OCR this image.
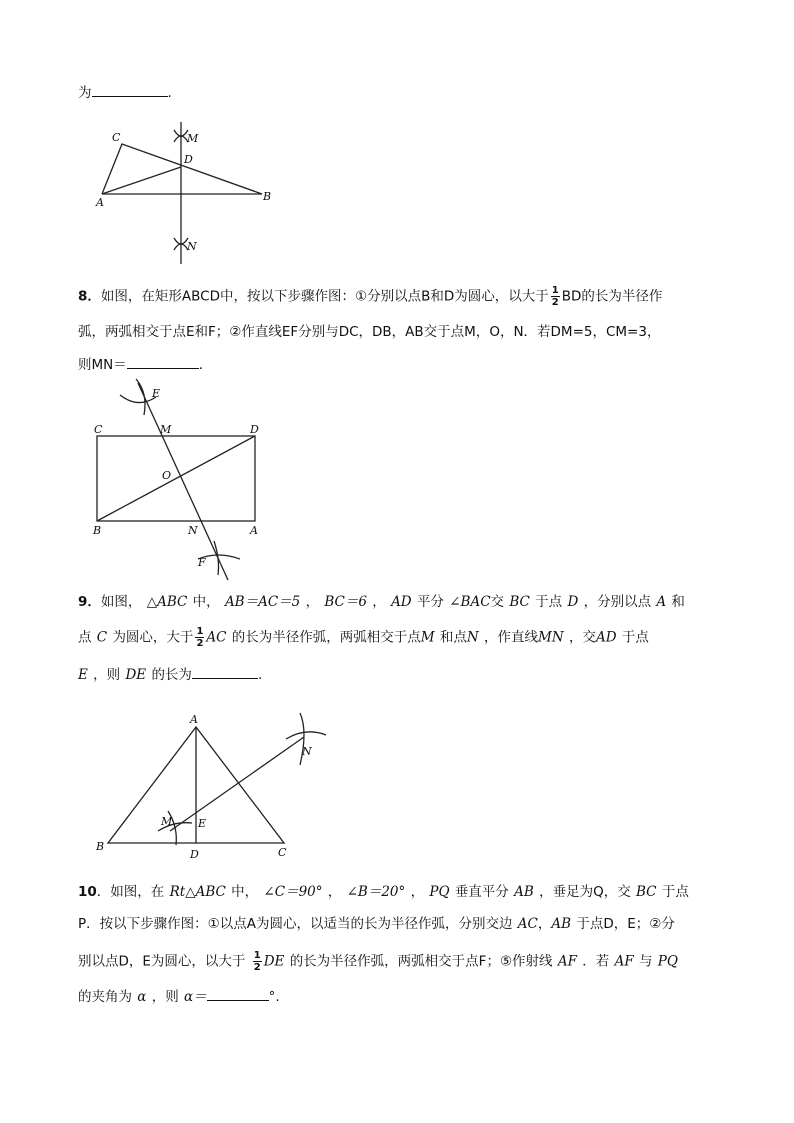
为	.
C	M
D
A	B
N
8．如图，在矩形ABCD中，按以下步骤作图：①分别以点B和D为圆心，以大于 $\frac{1}{2}$ BD的长为半径作
弧，两弧相交于点E和F；②作直线EF分别与DC，DB，AB交于点M，O，N．若DM=5，CM=3，
则MN＝	．
E
C	M	D
O
B	N	A
F
9．如图， △ABC 中， AB＝AC＝5 ， BC＝6 ， AD 平分 ∠BAC交 BC 于点 D ，分别以点 A 和
点 C 为圆心，大于 $\frac{1}{2}$ AC 的长为半径作弧，两弧相交于点M 和点N ，作直线MN ，交AD 于点
E ，则 DE 的长为	.
A
N
M E
B
D	C
10．如图，在 Rt△ABC 中， ∠C＝90° ， ∠B＝20° ， PQ 垂直平分 AB ，垂足为Q，交 BC 于点
P．按以下步骤作图：①以点A为圆心，以适当的长为半径作弧，分别交边 AC，AB 于点D，E；②分
别以点D，E为圆心，以大于 $\frac{1}{2}$ DE 的长为半径作弧，两弧相交于点F；⑤作射线 AF ．若 AF 与 PQ
的夹角为 α ，则 α＝	°.
